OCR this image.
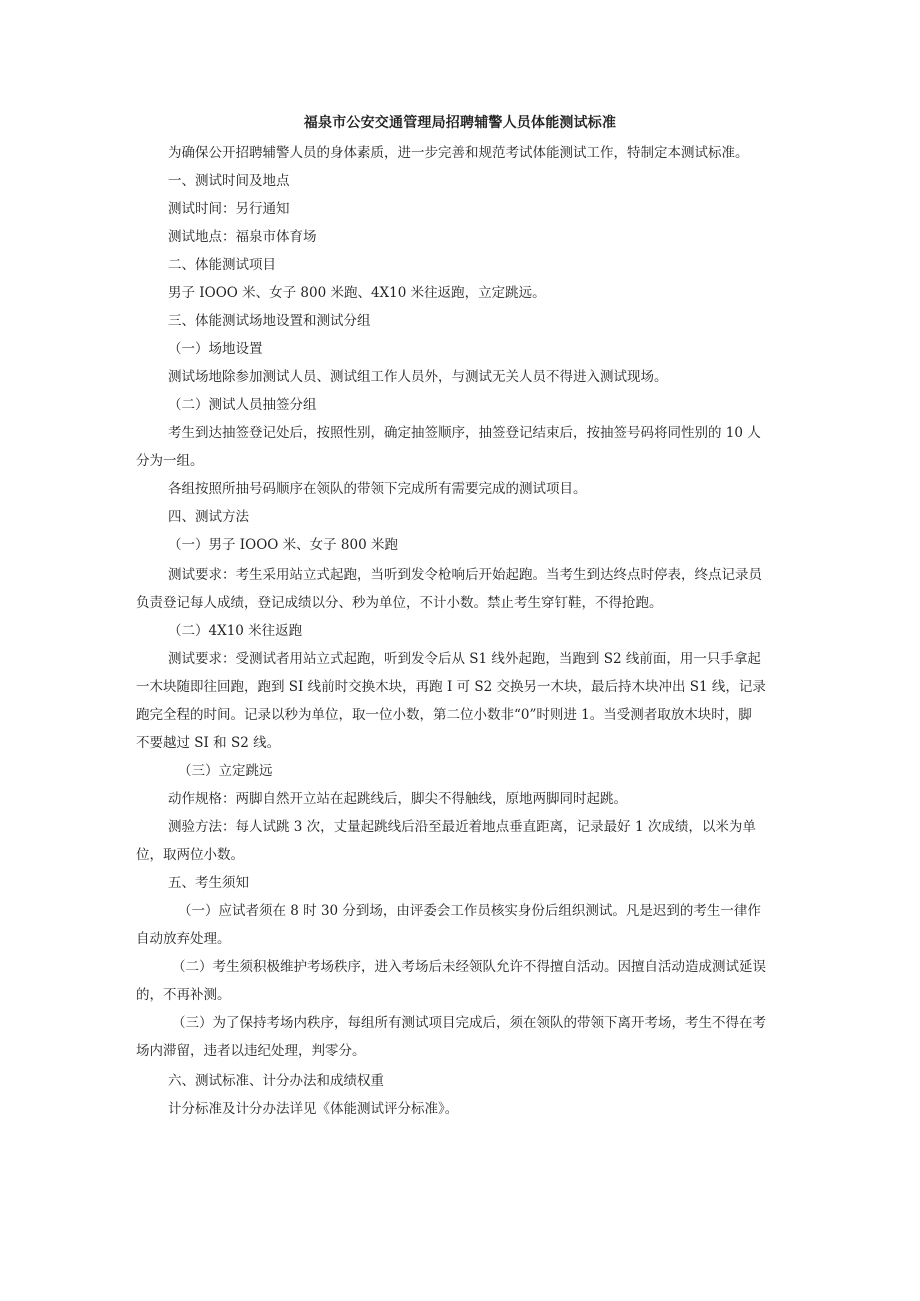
福泉市公安交通管理局招聘辅警人员体能测试标准
为确保公开招聘辅警人员的身体素质，进一步完善和规范考试体能测试工作，特制定本测试标准。
一、测试时间及地点
测试时间：另行通知
测试地点：福泉市体育场
二、体能测试项目
男子 IOOO 米、女子 800 米跑、4X10 米往返跑，立定跳远。
三、体能测试场地设置和测试分组
（一）场地设置
测试场地除参加测试人员、测试组工作人员外，与测试无关人员不得进入测试现场。
（二）测试人员抽签分组
考生到达抽签登记处后，按照性别，确定抽签顺序，抽签登记结束后，按抽签号码将同性别的 10 人
分为一组。
各组按照所抽号码顺序在领队的带领下完成所有需要完成的测试项目。
四、测试方法
（一）男子 IOOO 米、女子 800 米跑
测试要求：考生采用站立式起跑，当听到发令枪响后开始起跑。当考生到达终点时停表，终点记录员
负责登记每人成绩，登记成绩以分、秒为单位，不计小数。禁止考生穿钉鞋，不得抢跑。
（二）4X10 米往返跑
测试要求：受测试者用站立式起跑，听到发令后从 S1 线外起跑，当跑到 S2 线前面，用一只手拿起
一木块随即往回跑，跑到 SI 线前时交换木块，再跑 I 可 S2 交换另一木块，最后持木块冲出 S1 线，记录
跑完全程的时间。记录以秒为单位，取一位小数，第二位小数非“0”时则进 1。当受测者取放木块时，脚
不要越过 SI 和 S2 线。
（三）立定跳远
动作规格：两脚自然开立站在起跳线后，脚尖不得触线，原地两脚同时起跳。
测验方法：每人试跳 3 次，丈量起跳线后沿至最近着地点垂直距离，记录最好 1 次成绩，以米为单
位，取两位小数。
五、考生须知
（一）应试者须在 8 时 30 分到场，由评委会工作员核实身份后组织测试。凡是迟到的考生一律作
自动放弃处理。
（二）考生须积极维护考场秩序，进入考场后未经领队允许不得擅自活动。因擅自活动造成测试延误
的，不再补测。
（三）为了保持考场内秩序，每组所有测试项目完成后，须在领队的带领下离开考场，考生不得在考
场内滞留，违者以违纪处理，判零分。
六、测试标准、计分办法和成绩权重
计分标准及计分办法详见《体能测试评分标准》。
